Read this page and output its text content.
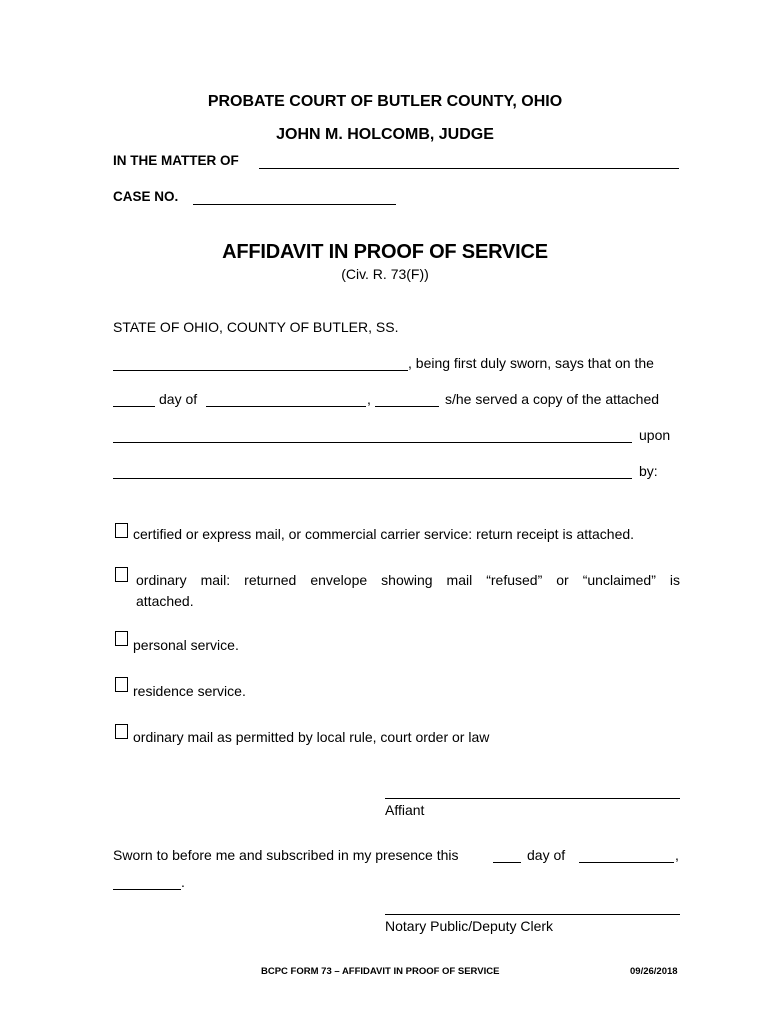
PROBATE COURT OF BUTLER COUNTY, OHIO
JOHN M. HOLCOMB, JUDGE
IN THE MATTER OF
CASE NO.
AFFIDAVIT IN PROOF OF SERVICE
(Civ. R. 73(F))
STATE OF OHIO, COUNTY OF BUTLER, SS.
, being first duly sworn, says that on the
day of	,	s/he served a copy of the attached
upon
by:
certified or express mail, or commercial carrier service: return receipt is attached.
ordinary mail: returned envelope showing mail “refused” or “unclaimed” is
attached.
personal service.
residence service.
ordinary mail as permitted by local rule, court order or law
Affiant
Sworn to before me and subscribed in my presence this	day of	,
.
Notary Public/Deputy Clerk
BCPC FORM 73 – AFFIDAVIT IN PROOF OF SERVICE	09/26/2018
